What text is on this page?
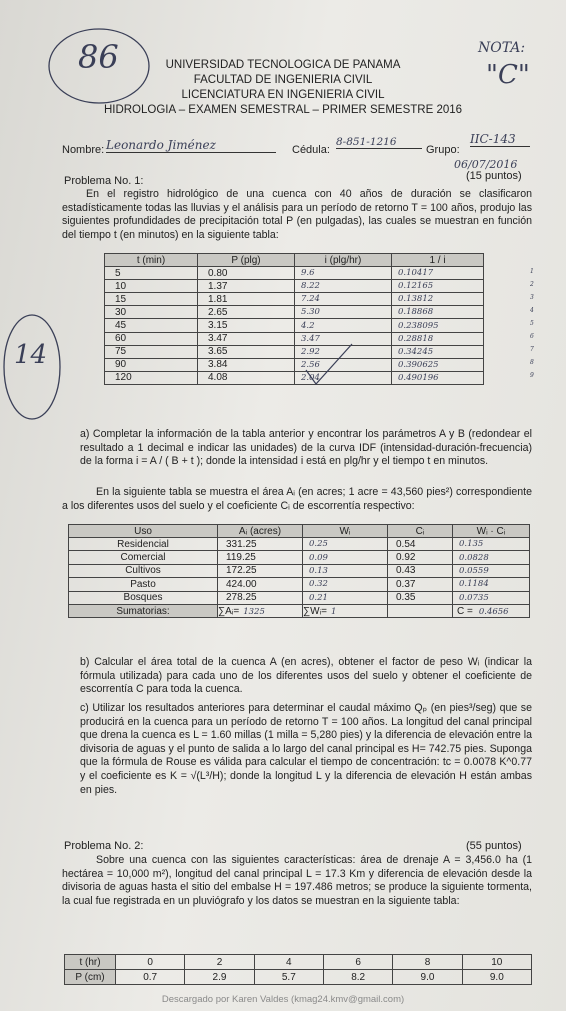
86	NOTA:
"C"
14
UNIVERSIDAD TECNOLOGICA DE PANAMA
FACULTAD DE INGENIERIA CIVIL
LICENCIATURA EN INGENIERIA CIVIL
HIDROLOGIA – EXAMEN SEMESTRAL – PRIMER SEMESTRE 2016
Nombre: Leonardo Jiménez	Cédula:
8-851-1216
Grupo:
IIC-143
06/07/2016
Problema No. 1:	(15 puntos)
En el registro hidrológico de una cuenca con 40 años de duración se clasificaron estadísticamente todas las lluvias y el análisis para un período de retorno T = 100 años, produjo las siguientes profundidades de precipitación total P (en pulgadas), las cuales se muestran en función del tiempo t (en minutos) en la siguiente tabla:
t (min)	P (plg)	i (plg/hr)	1 / i
5	0.80	9.6	0.10417
10	1.37	8.22	0.12165
15	1.81	7.24	0.13812
30	2.65	5.30	0.18868
45	3.15	4.2	0.238095
60	3.47	3.47	0.28818
75	3.65	2.92	0.34245
90	3.84	2.56	0.390625
120	4.08	2.04	0.490196
a) Completar la información de la tabla anterior y encontrar los parámetros A y B (redondear el resultado a 1 decimal e indicar las unidades) de la curva IDF (intensidad-duración-frecuencia) de la forma i = A / ( B + t ); donde la intensidad i está en plg/hr y el tiempo t en minutos.
En la siguiente tabla se muestra el área Aᵢ (en acres; 1 acre = 43,560 pies²) correspondiente a los diferentes usos del suelo y el coeficiente Cᵢ de escorrentía respectivo:
Uso	Aᵢ (acres)	Wᵢ	Cᵢ	Wᵢ · Cᵢ
Residencial	331.25	0.25	0.54	0.135
Comercial	119.25	0.09	0.92	0.0828
Cultivos	172.25	0.13	0.43	0.0559
Pasto	424.00	0.32	0.37	0.1184
Bosques	278.25	0.21	0.35	0.0735
Sumatorias:	∑Aᵢ= 1325	∑Wᵢ= 1		C = 0.4656
b) Calcular el área total de la cuenca A (en acres), obtener el factor de peso Wᵢ (indicar la fórmula utilizada) para cada uno de los diferentes usos del suelo y obtener el coeficiente de escorrentía C para toda la cuenca.
c) Utilizar los resultados anteriores para determinar el caudal máximo Qₚ (en pies³/seg) que se producirá en la cuenca para un período de retorno T = 100 años. La longitud del canal principal que drena la cuenca es L = 1.60 millas (1 milla = 5,280 pies) y la diferencia de elevación entre la divisoria de aguas y el punto de salida a lo largo del canal principal es H= 742.75 pies. Suponga que la fórmula de Rouse es válida para calcular el tiempo de concentración: tc = 0.0078 K^0.77 y el coeficiente es K = √(L³/H); donde la longitud L y la diferencia de elevación H están ambas en pies.
Problema No. 2:	(55 puntos)
Sobre una cuenca con las siguientes características: área de drenaje A = 3,456.0 ha (1 hectárea = 10,000 m²), longitud del canal principal L = 17.3 Km y diferencia de elevación desde la divisoria de aguas hasta el sitio del embalse H = 197.486 metros; se produce la siguiente tormenta, la cual fue registrada en un pluviógrafo y los datos se muestran en la siguiente tabla:
t (hr)	0	2	4	6	8	10
P (cm)	0.7	2.9	5.7	8.2	9.0	9.0
Descargado por Karen Valdes (kmag24.kmv@gmail.com)
1
2
3
4
5
6
7
8
9
